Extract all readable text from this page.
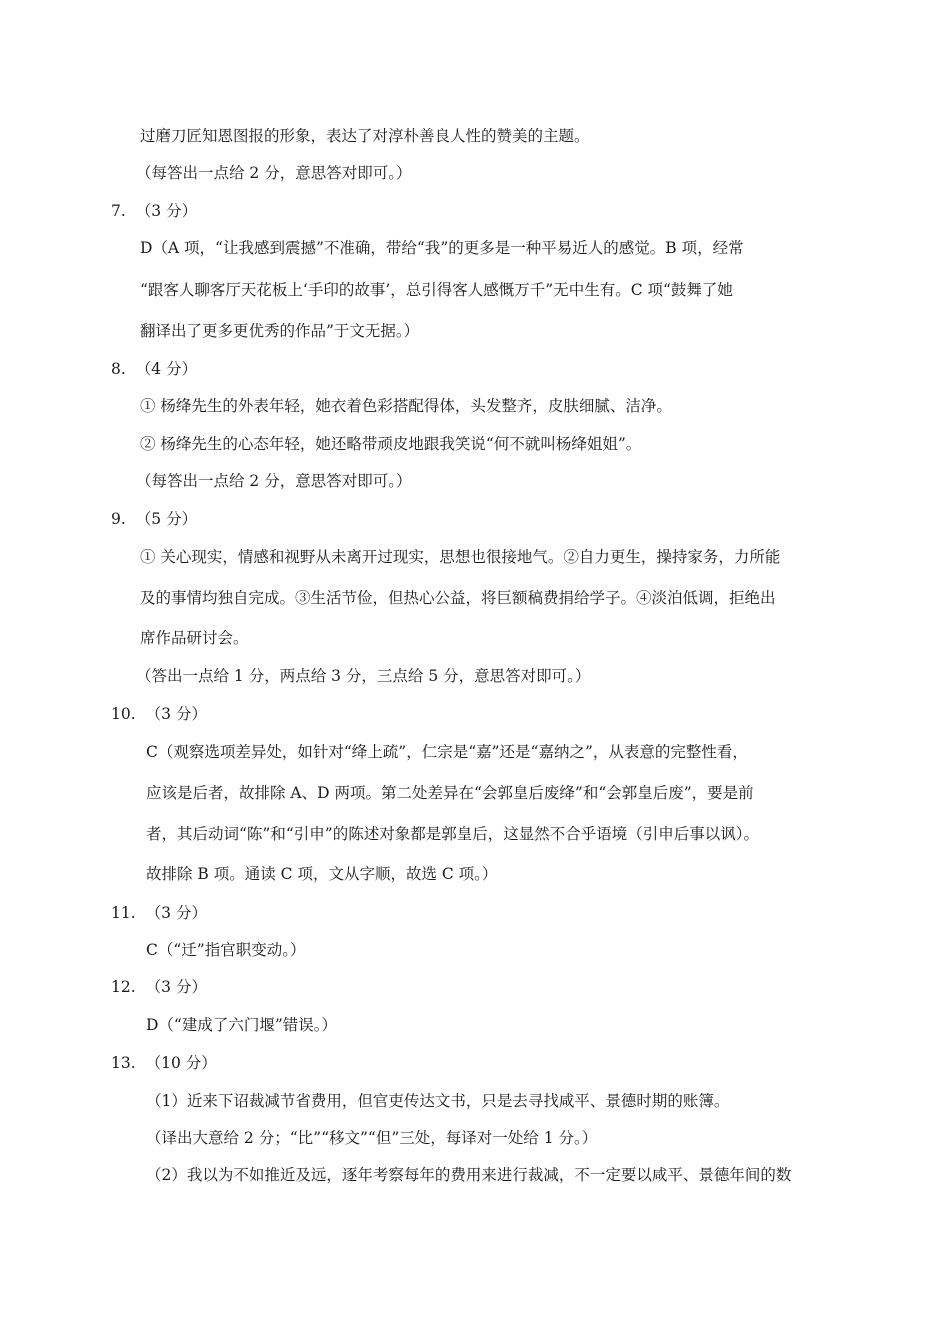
过磨刀匠知恩图报的形象，表达了对淳朴善良人性的赞美的主题。
（每答出一点给 2 分，意思答对即可。）
7. （3 分）
D（A 项，“让我感到震撼”不准确，带给“我”的更多是一种平易近人的感觉。B 项，经常
“跟客人聊客厅天花板上‘手印的故事’，总引得客人感慨万千”无中生有。C 项“鼓舞了她
翻译出了更多更优秀的作品”于文无据。）
8. （4 分）
① 杨绛先生的外表年轻，她衣着色彩搭配得体，头发整齐，皮肤细腻、洁净。
② 杨绛先生的心态年轻，她还略带顽皮地跟我笑说“何不就叫杨绛姐姐”。
（每答出一点给 2 分，意思答对即可。）
9. （5 分）
① 关心现实，情感和视野从未离开过现实，思想也很接地气。②自力更生，操持家务，力所能
及的事情均独自完成。③生活节俭，但热心公益，将巨额稿费捐给学子。④淡泊低调，拒绝出
席作品研讨会。
（答出一点给 1 分，两点给 3 分，三点给 5 分，意思答对即可。）
10. （3 分）
C（观察选项差异处，如针对“绛上疏”，仁宗是“嘉”还是“嘉纳之”，从表意的完整性看，
应该是后者，故排除 A、D 两项。第二处差异在“会郭皇后废绛”和“会郭皇后废”，要是前
者，其后动词“陈”和“引申”的陈述对象都是郭皇后，这显然不合乎语境（引申后事以讽）。
故排除 B 项。通读 C 项，文从字顺，故选 C 项。）
11. （3 分）
C（“迁”指官职变动。）
12. （3 分）
D（“建成了六门堰”错误。）
13. （10 分）
（1）近来下诏裁减节省费用，但官吏传达文书，只是去寻找咸平、景德时期的账簿。
（译出大意给 2 分；“比”“移文”“但”三处，每译对一处给 1 分。）
（2）我以为不如推近及远，逐年考察每年的费用来进行裁减，不一定要以咸平、景德年间的数
